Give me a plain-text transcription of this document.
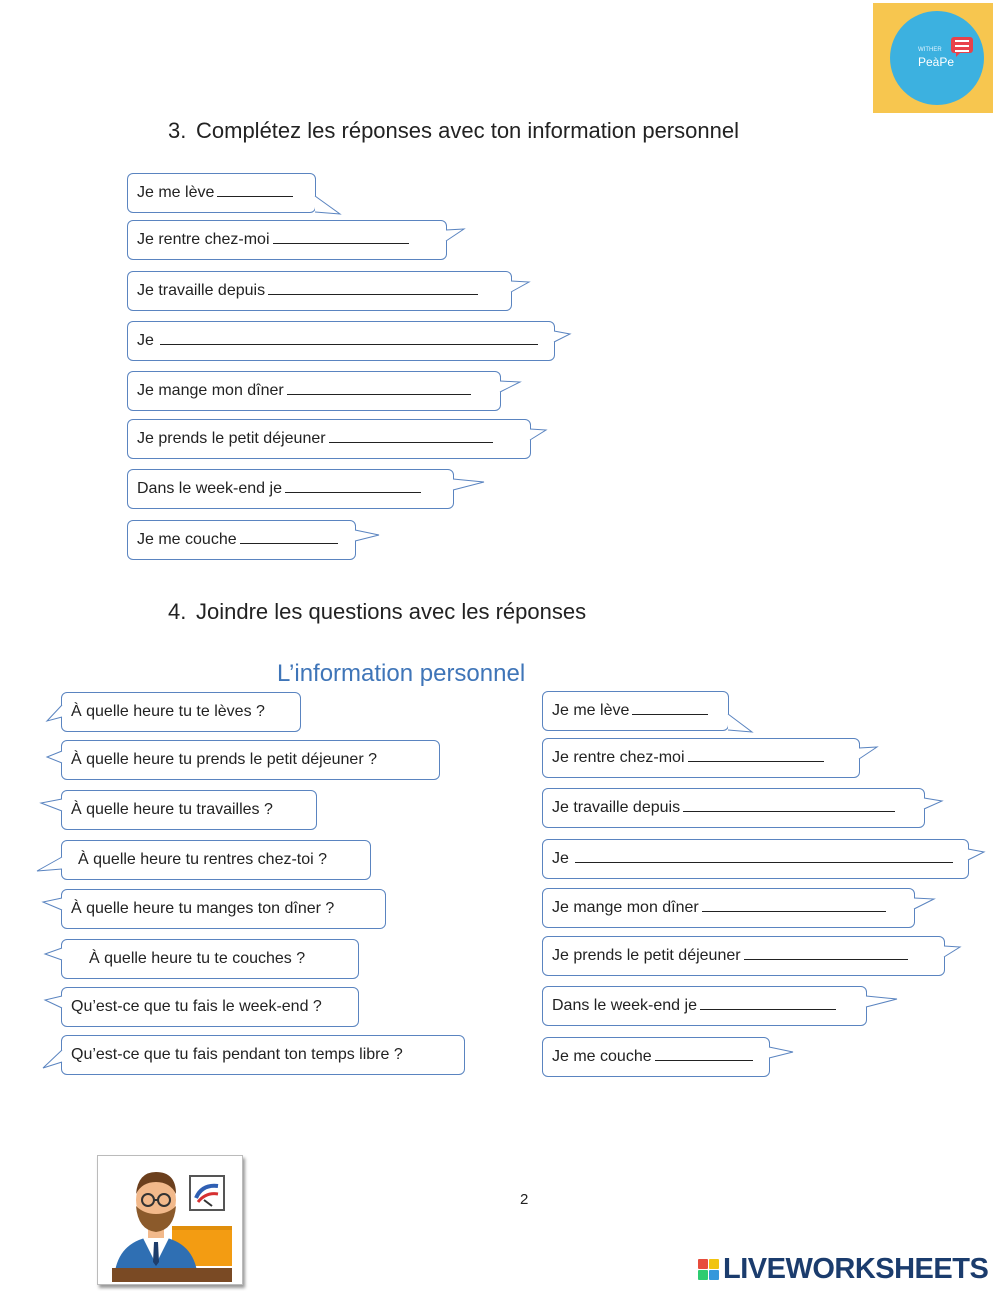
WITHER
PeàPe
3. Complétez les réponses avec ton information personnel
Je me lève
Je rentre chez-moi
Je travaille depuis
Je
Je mange mon dîner
Je prends le petit déjeuner
Dans le week-end je
Je me couche
4. Joindre les questions avec les réponses
L’information personnel
À quelle heure tu te lèves ?
À quelle heure tu prends le petit déjeuner ?
À quelle heure tu travailles ?
À quelle heure tu rentres chez-toi ?
À quelle heure tu manges ton dîner ?
À quelle heure tu te couches ?
Qu’est-ce que tu fais le week-end ?
Qu’est-ce que tu fais pendant ton temps libre ?
Je me lève
Je rentre chez-moi
Je travaille depuis
Je
Je mange mon dîner
Je prends le petit déjeuner
Dans le week-end je
Je me couche
2
LIVEWORKSHEETS
